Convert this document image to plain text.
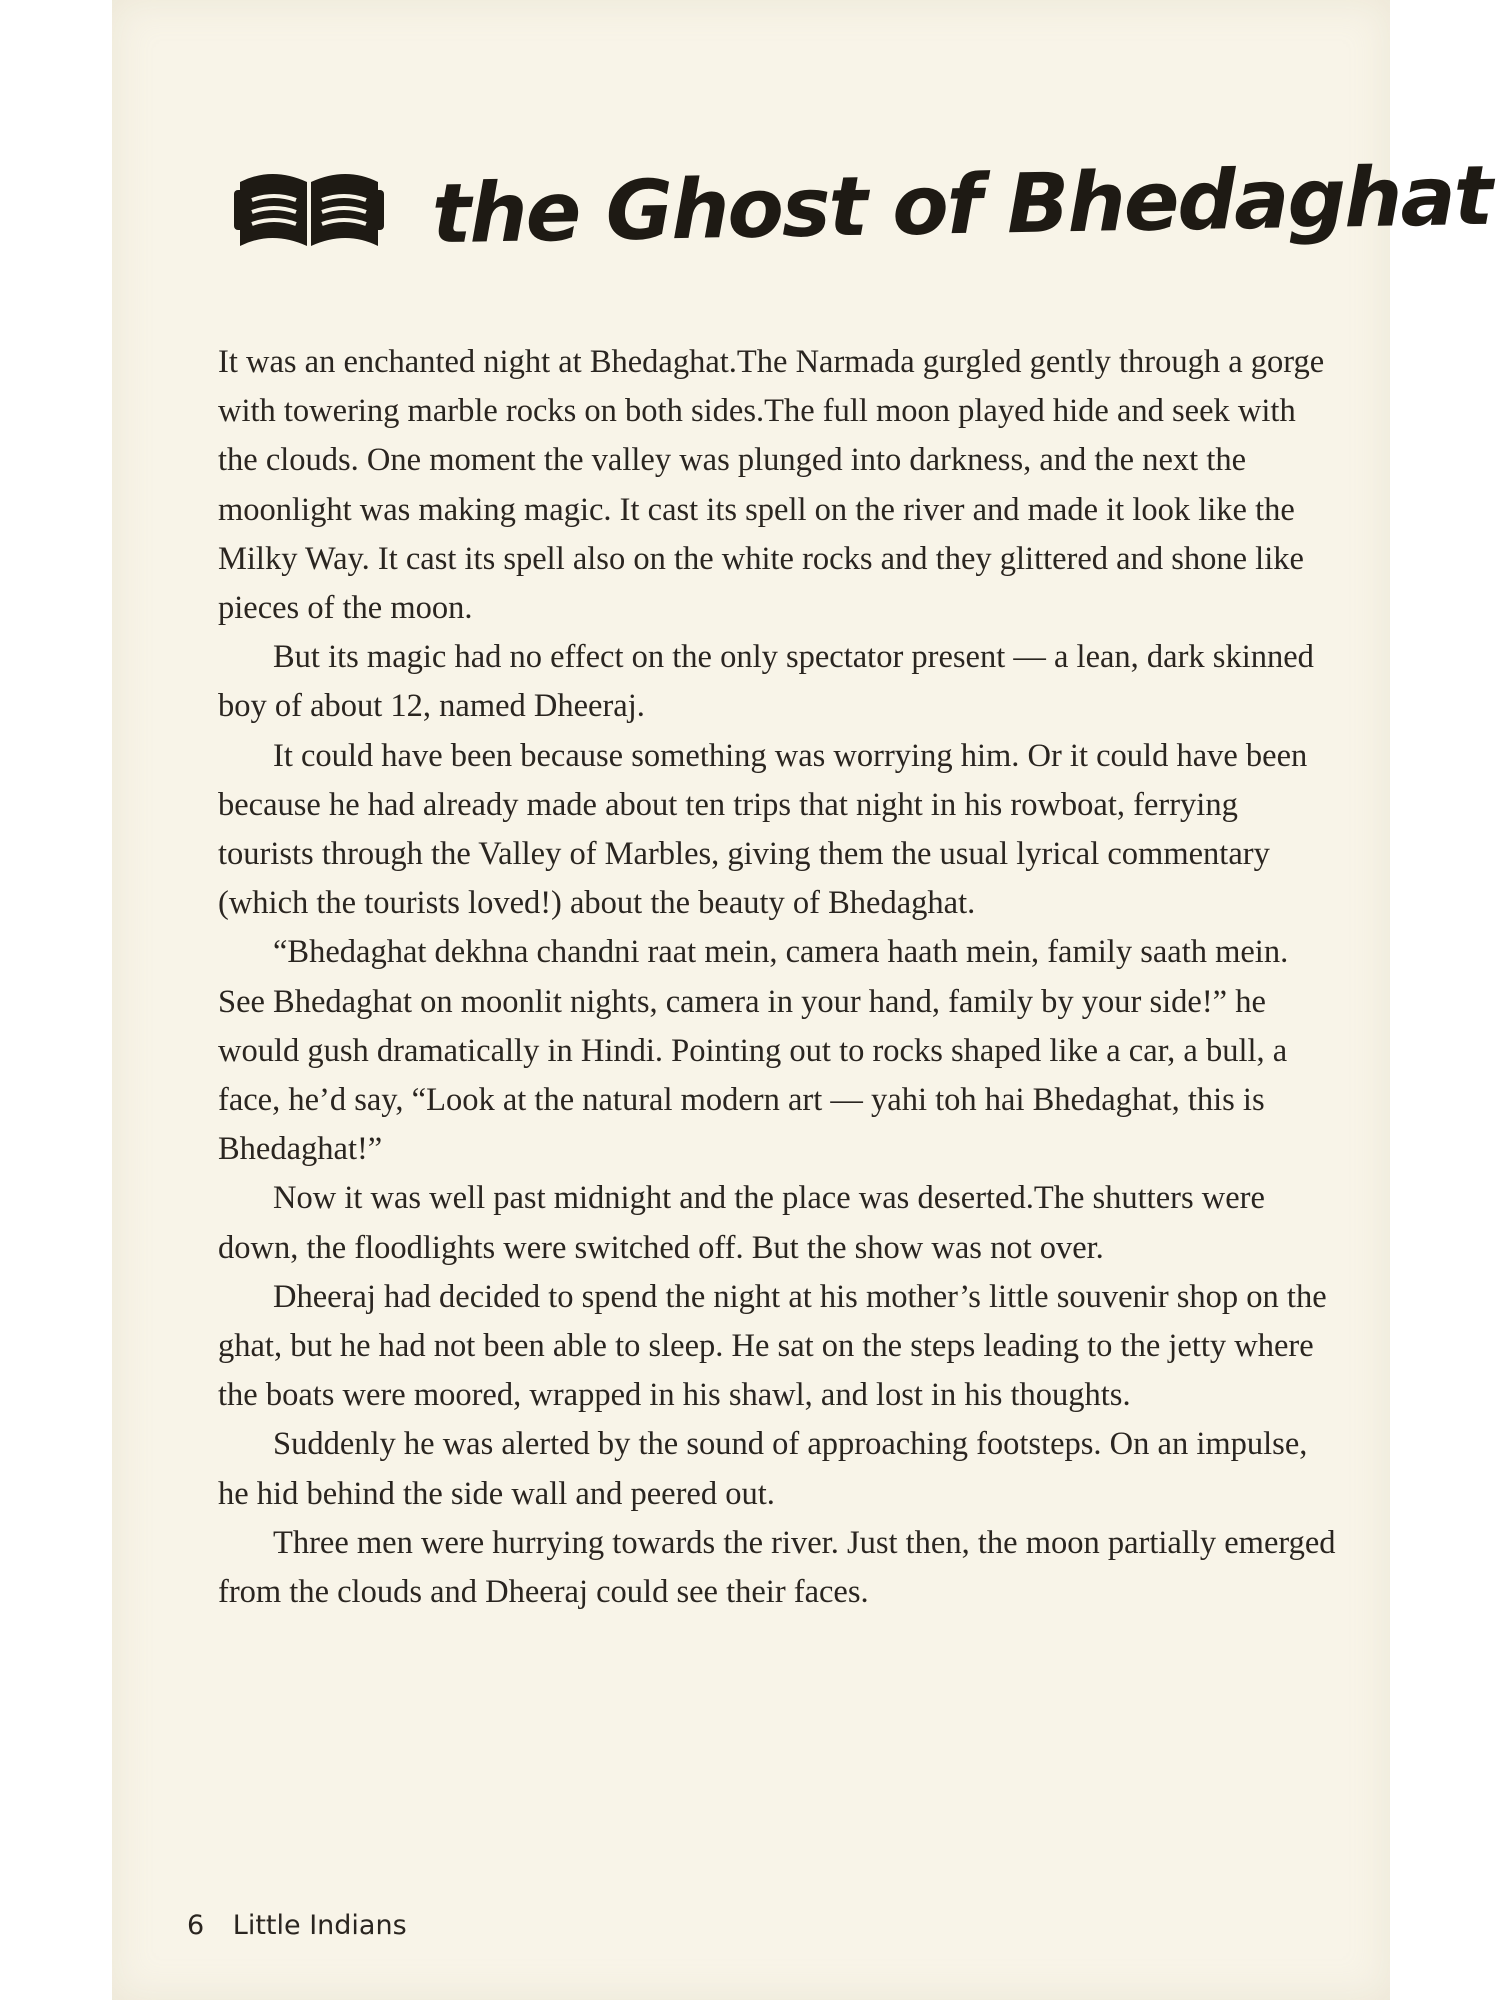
the Ghost of Bhedaghat

It was an enchanted night at Bhedaghat.The Narmada gurgled gently through a gorge with towering marble rocks on both sides.The full moon played hide and seek with the clouds. One moment the valley was plunged into darkness, and the next the moonlight was making magic. It cast its spell on the river and made it look like the Milky Way. It cast its spell also on the white rocks and they glittered and shone like pieces of the moon.

But its magic had no effect on the only spectator present — a lean, dark skinned boy of about 12, named Dheeraj.

It could have been because something was worrying him. Or it could have been because he had already made about ten trips that night in his rowboat, ferrying tourists through the Valley of Marbles, giving them the usual lyrical commentary (which the tourists loved!) about the beauty of Bhedaghat.

“Bhedaghat dekhna chandni raat mein, camera haath mein, family saath mein. See Bhedaghat on moonlit nights, camera in your hand, family by your side!” he would gush dramatically in Hindi. Pointing out to rocks shaped like a car, a bull, a face, he’d say, “Look at the natural modern art — yahi toh hai Bhedaghat, this is Bhedaghat!”

Now it was well past midnight and the place was deserted.The shutters were down, the floodlights were switched off. But the show was not over.

Dheeraj had decided to spend the night at his mother’s little souvenir shop on the ghat, but he had not been able to sleep. He sat on the steps leading to the jetty where the boats were moored, wrapped in his shawl, and lost in his thoughts.

Suddenly he was alerted by the sound of approaching footsteps. On an impulse, he hid behind the side wall and peered out.

Three men were hurrying towards the river. Just then, the moon partially emerged from the clouds and Dheeraj could see their faces.

6 Little Indians
